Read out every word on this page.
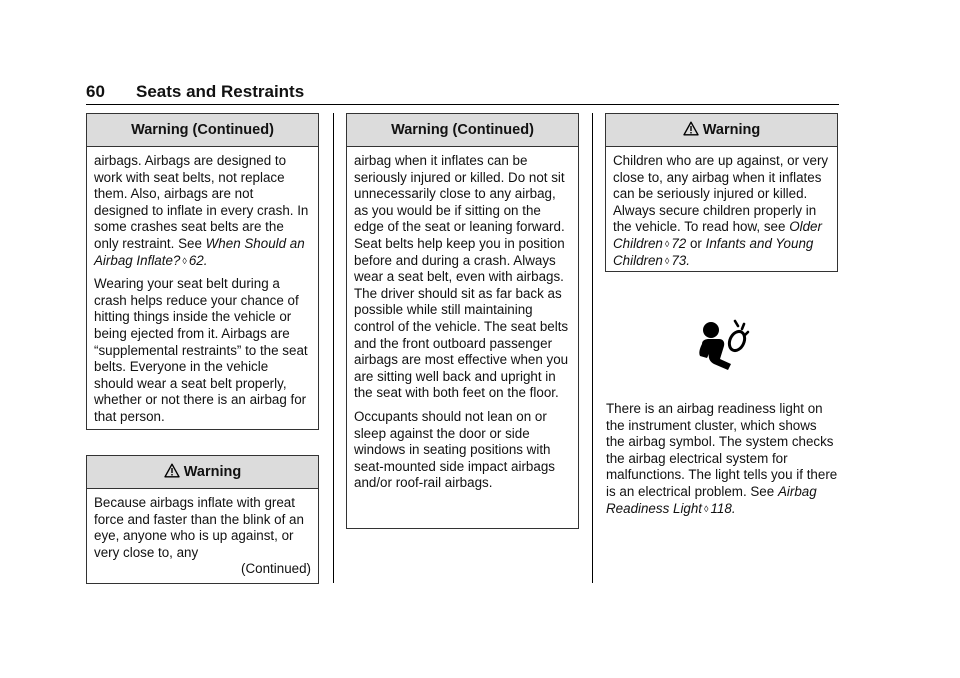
60 Seats and Restraints
Warning (Continued)

airbags. Airbags are designed to work with seat belts, not replace them. Also, airbags are not designed to inflate in every crash. In some crashes seat belts are the only restraint. See When Should an Airbag Inflate? ◊ 62.

Wearing your seat belt during a crash helps reduce your chance of hitting things inside the vehicle or being ejected from it. Airbags are “supplemental restraints” to the seat belts. Everyone in the vehicle should wear a seat belt properly, whether or not there is an airbag for that person.

Warning
Because airbags inflate with great force and faster than the blink of an eye, anyone who is up against, or very close to, any
(Continued)
Warning (Continued)

airbag when it inflates can be seriously injured or killed. Do not sit unnecessarily close to any airbag, as you would be if sitting on the edge of the seat or leaning forward. Seat belts help keep you in position before and during a crash. Always wear a seat belt, even with airbags. The driver should sit as far back as possible while still maintaining control of the vehicle. The seat belts and the front outboard passenger airbags are most effective when you are sitting well back and upright in the seat with both feet on the floor.

Occupants should not lean on or sleep against the door or side windows in seating positions with seat-mounted side impact airbags and/or roof-rail airbags.

Warning
Children who are up against, or very close to, any airbag when it inflates can be seriously injured or killed. Always secure children properly in the vehicle. To read how, see Older Children ◊ 72 or Infants and Young Children ◊ 73.
There is an airbag readiness light on the instrument cluster, which shows the airbag symbol. The system checks the airbag electrical system for malfunctions. The light tells you if there is an electrical problem. See Airbag Readiness Light ◊ 118.
